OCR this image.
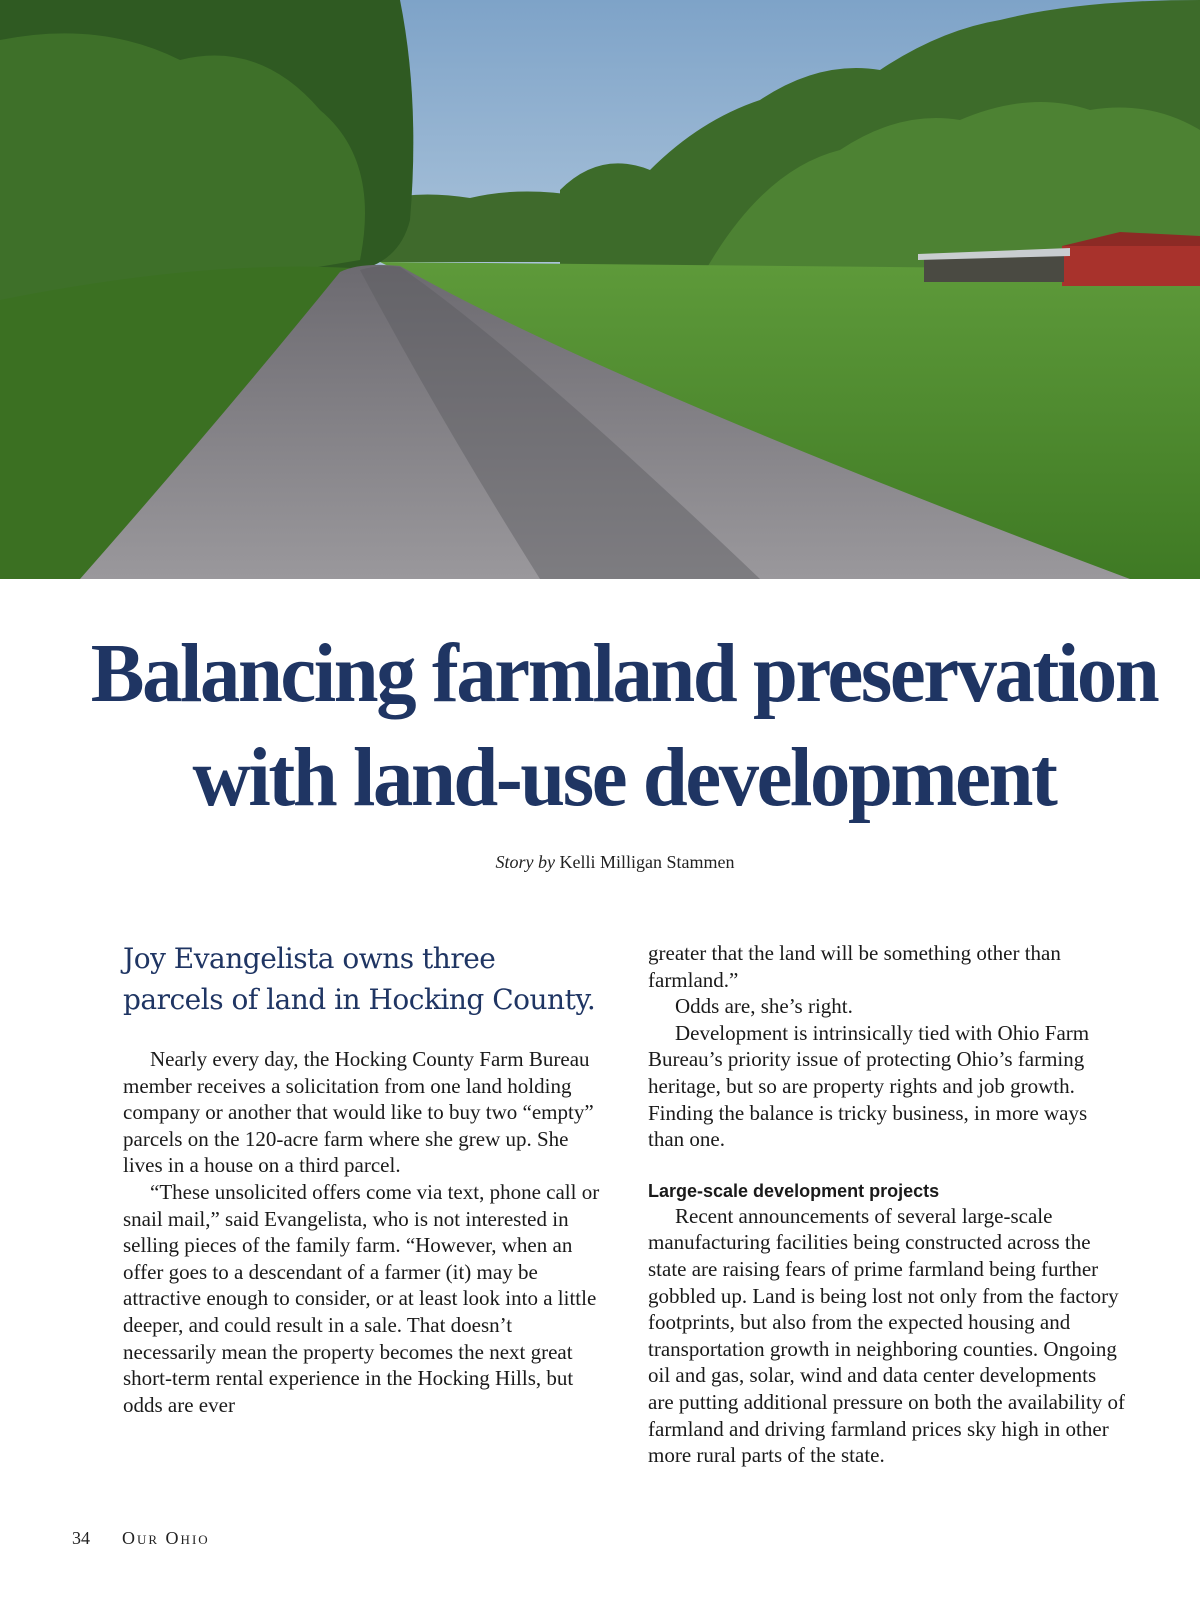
Balancing farmland preservation
with land-use development
Story by Kelli Milligan Stammen
Joy Evangelista owns three parcels of land in Hocking County.

Nearly every day, the Hocking County Farm Bureau member receives a solicitation from one land holding company or another that would like to buy two “empty” parcels on the 120-acre farm where she grew up. She lives in a house on a third parcel.

“These unsolicited offers come via text, phone call or snail mail,” said Evangelista, who is not interested in selling pieces of the family farm. “However, when an offer goes to a descendant of a farmer (it) may be attractive enough to consider, or at least look into a little deeper, and could result in a sale. That doesn’t necessarily mean the property becomes the next great short-term rental experience in the Hocking Hills, but odds are ever

greater that the land will be something other than farmland.”

Odds are, she’s right.

Development is intrinsically tied with Ohio Farm Bureau’s priority issue of protecting Ohio’s farming heritage, but so are property rights and job growth. Finding the balance is tricky business, in more ways than one.

Large-scale development projects

Recent announcements of several large-scale manufacturing facilities being constructed across the state are raising fears of prime farmland being further gobbled up. Land is being lost not only from the factory footprints, but also from the expected housing and transportation growth in neighboring counties. Ongoing oil and gas, solar, wind and data center developments are putting additional pressure on both the availability of farmland and driving farmland prices sky high in other more rural parts of the state.

34 Our Ohio
